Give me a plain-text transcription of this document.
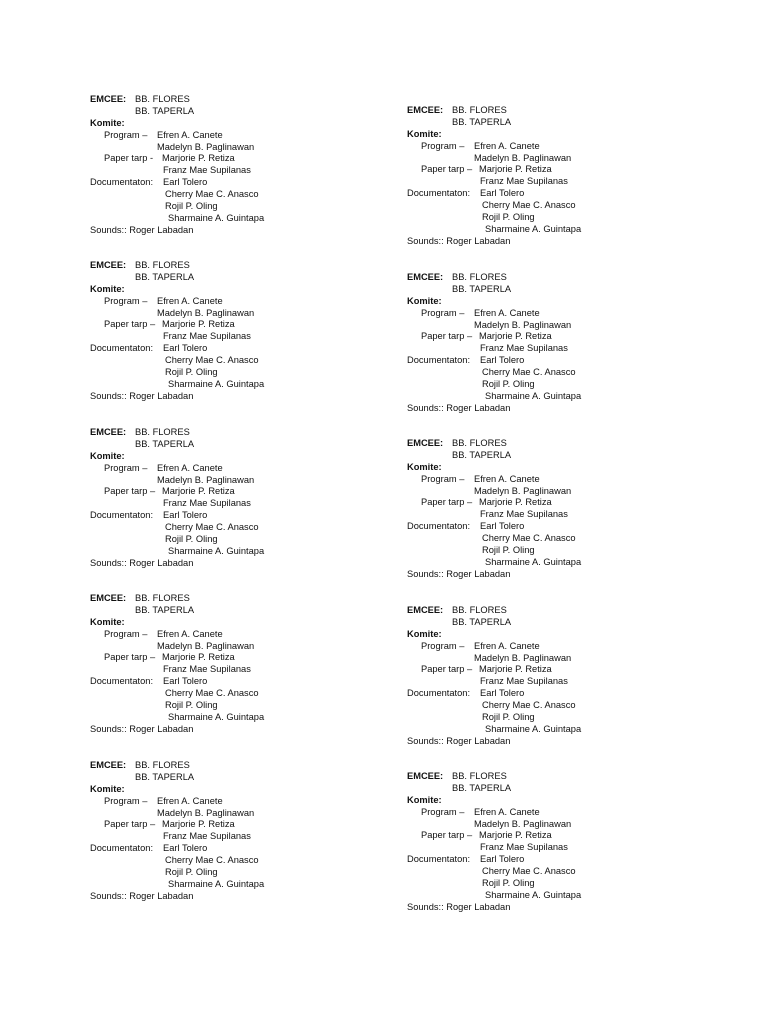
EMCEE: BB. FLORES
BB. TAPERLA
Komite:
Program – Efren A. Canete
Madelyn B. Paglinawan
Paper tarp - Marjorie P. Retiza
Franz Mae Supilanas
Documentaton: Earl Tolero
Cherry Mae C. Anasco
Rojil P. Oling
Sharmaine A. Guintapa
Sounds:: Roger Labadan
EMCEE: BB. FLORES
BB. TAPERLA
Komite:
Program – Efren A. Canete
Madelyn B. Paglinawan
Paper tarp – Marjorie P. Retiza
Franz Mae Supilanas
Documentaton: Earl Tolero
Cherry Mae C. Anasco
Rojil P. Oling
Sharmaine A. Guintapa
Sounds:: Roger Labadan
EMCEE: BB. FLORES
BB. TAPERLA
Komite:
Program – Efren A. Canete
Madelyn B. Paglinawan
Paper tarp – Marjorie P. Retiza
Franz Mae Supilanas
Documentaton: Earl Tolero
Cherry Mae C. Anasco
Rojil P. Oling
Sharmaine A. Guintapa
Sounds:: Roger Labadan
EMCEE: BB. FLORES
BB. TAPERLA
Komite:
Program – Efren A. Canete
Madelyn B. Paglinawan
Paper tarp – Marjorie P. Retiza
Franz Mae Supilanas
Documentaton: Earl Tolero
Cherry Mae C. Anasco
Rojil P. Oling
Sharmaine A. Guintapa
Sounds:: Roger Labadan
EMCEE: BB. FLORES
BB. TAPERLA
Komite:
Program – Efren A. Canete
Madelyn B. Paglinawan
Paper tarp – Marjorie P. Retiza
Franz Mae Supilanas
Documentaton: Earl Tolero
Cherry Mae C. Anasco
Rojil P. Oling
Sharmaine A. Guintapa
Sounds:: Roger Labadan
EMCEE: BB. FLORES
BB. TAPERLA
Komite:
Program – Efren A. Canete
Madelyn B. Paglinawan
Paper tarp – Marjorie P. Retiza
Franz Mae Supilanas
Documentaton: Earl Tolero
Cherry Mae C. Anasco
Rojil P. Oling
Sharmaine A. Guintapa
Sounds:: Roger Labadan
EMCEE: BB. FLORES
BB. TAPERLA
Komite:
Program – Efren A. Canete
Madelyn B. Paglinawan
Paper tarp – Marjorie P. Retiza
Franz Mae Supilanas
Documentaton: Earl Tolero
Cherry Mae C. Anasco
Rojil P. Oling
Sharmaine A. Guintapa
Sounds:: Roger Labadan
EMCEE: BB. FLORES
BB. TAPERLA
Komite:
Program – Efren A. Canete
Madelyn B. Paglinawan
Paper tarp – Marjorie P. Retiza
Franz Mae Supilanas
Documentaton: Earl Tolero
Cherry Mae C. Anasco
Rojil P. Oling
Sharmaine A. Guintapa
Sounds:: Roger Labadan
EMCEE: BB. FLORES
BB. TAPERLA
Komite:
Program – Efren A. Canete
Madelyn B. Paglinawan
Paper tarp – Marjorie P. Retiza
Franz Mae Supilanas
Documentaton: Earl Tolero
Cherry Mae C. Anasco
Rojil P. Oling
Sharmaine A. Guintapa
Sounds:: Roger Labadan
EMCEE: BB. FLORES
BB. TAPERLA
Komite:
Program – Efren A. Canete
Madelyn B. Paglinawan
Paper tarp – Marjorie P. Retiza
Franz Mae Supilanas
Documentaton: Earl Tolero
Cherry Mae C. Anasco
Rojil P. Oling
Sharmaine A. Guintapa
Sounds:: Roger Labadan
